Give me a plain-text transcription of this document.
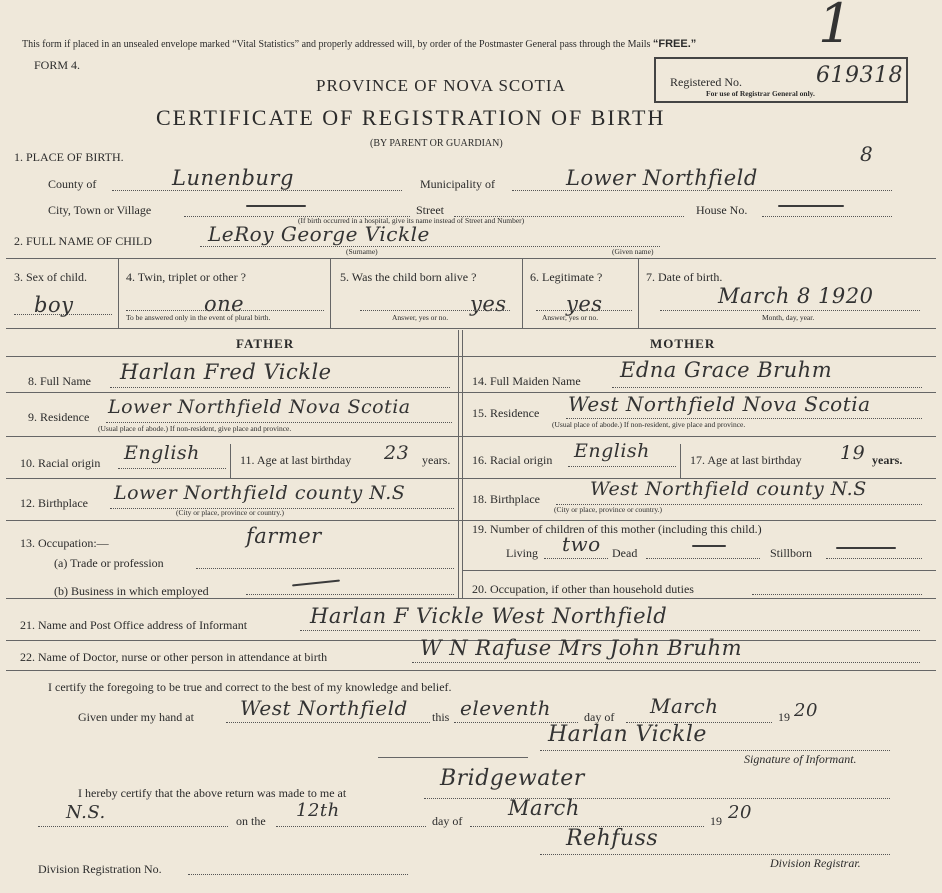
This form if placed in an unsealed envelope marked “Vital Statistics” and properly addressed will, by order of the Postmaster General pass through the Mails “FREE.”
FORM 4.
PROVINCE OF NOVA SCOTIA
CERTIFICATE OF REGISTRATION OF BIRTH
(BY PARENT OR GUARDIAN)
Registered No.	619318
For use of Registrar General only.
1
8
1. PLACE OF BIRTH.
County of	Lunenburg	Municipality of	Lower Northfield
City, Town or Village	Street	House No.
(If birth occurred in a hospital, give its name instead of Street and Number)
2. FULL NAME OF CHILD	LeRoy George Vickle
(Surname)	(Given name)
3. Sex of child.
boy
4. Twin, triplet or other ?
one
To be answered only in the event of plural birth.
5. Was the child born alive ?
yes
Answer, yes or no.
6. Legitimate ?
yes
Answer, yes or no.
7. Date of birth.
March 8 1920
Month, day, year.
FATHER	MOTHER
8. Full Name Harlan Fred Vickle
9. Residence Lower Northfield Nova Scotia
(Usual place of abode.) If non-resident, give place and province.
10. Racial origin English	11. Age at last birthday 23 years.
12. Birthplace Lower Northfield county N.S
(City or place, province or country.)
13. Occupation:—	farmer
(a) Trade or profession
(b) Business in which employed
14. Full Maiden Name Edna Grace Bruhm
15. Residence West Northfield Nova Scotia
(Usual place of abode.) If non-resident, give place and province.
16. Racial origin English	17. Age at last birthday 19 years.
18. Birthplace	West Northfield county N.S
(City or place, province or country.)
19. Number of children of this mother (including this child.)
Living two Dead	Stillborn
20. Occupation, if other than household duties
21. Name and Post Office address of Informant	Harlan F Vickle West Northfield
22. Name of Doctor, nurse or other person in attendance at birth	W N Rafuse Mrs John Bruhm
I certify the foregoing to be true and correct to the best of my knowledge and belief.
Given under my hand at West Northfield this eleventh	day of March	19 20
Harlan Vickle
Signature of Informant.
I hereby certify that the above return was made to me at
Bridgewater
N.S.	on the 12th	day of
March
19 20
Rehfuss
Division Registration No.	Division Registrar.
